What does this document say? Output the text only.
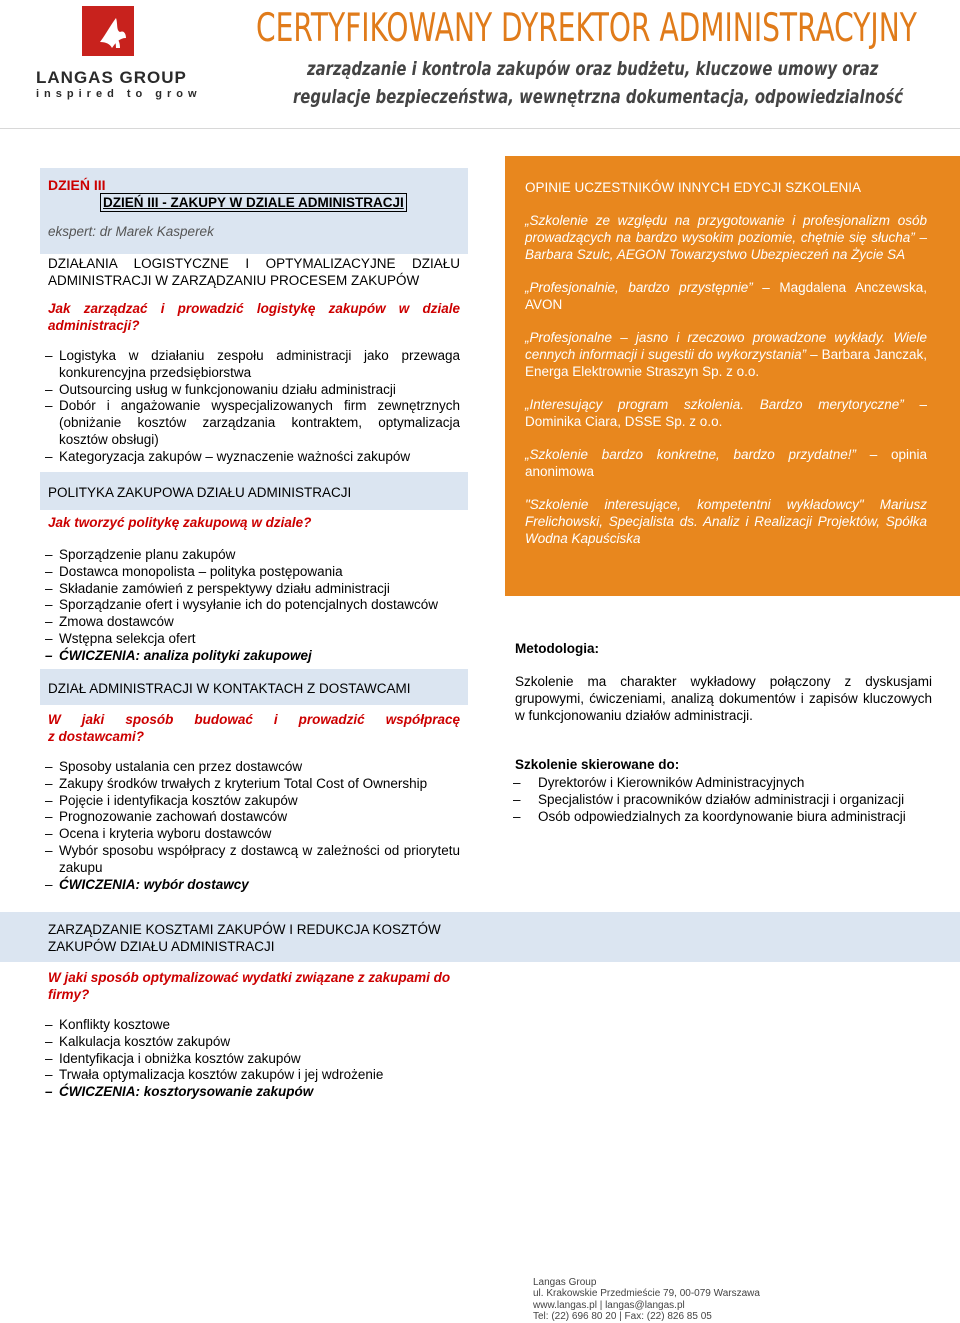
LANGAS GROUP
inspired to grow
CERTYFIKOWANY DYREKTOR ADMINISTRACYJNY
zarządzanie i kontrola zakupów oraz budżetu, kluczowe umowy oraz
regulacje bezpieczeństwa, wewnętrzna dokumentacja, odpowiedzialność
DZIEŃ III
DZIEŃ III - ZAKUPY W DZIALE ADMINISTRACJI
ekspert: dr Marek Kasperek
DZIAŁANIA LOGISTYCZNE I OPTYMALIZACYJNE DZIAŁU
ADMINISTRACJI W ZARZĄDZANIU PROCESEM ZAKUPÓW
Jak zarządzać i prowadzić logistykę zakupów w dziale
administracji?
– Logistyka w działaniu zespołu administracji jako przewaga konkurencyjna przedsiębiorstwa
– Outsourcing usług w funkcjonowaniu działu administracji
– Dobór i angażowanie wyspecjalizowanych firm zewnętrznych (obniżanie kosztów zarządzania kontraktem, optymalizacja kosztów obsługi)
– Kategoryzacja zakupów – wyznaczenie ważności zakupów
POLITYKA ZAKUPOWA DZIAŁU ADMINISTRACJI
Jak tworzyć politykę zakupową w dziale?
– Sporządzenie planu zakupów
– Dostawca monopolista – polityka postępowania
– Składanie zamówień z perspektywy działu administracji
– Sporządzanie ofert i wysyłanie ich do potencjalnych dostawców
– Zmowa dostawców
– Wstępna selekcja ofert
– ĆWICZENIA: analiza polityki zakupowej
DZIAŁ ADMINISTRACJI W KONTAKTACH Z DOSTAWCAMI
W jaki sposób budować i prowadzić współpracę
z dostawcami?
– Sposoby ustalania cen przez dostawców
– Zakupy środków trwałych z kryterium Total Cost of Ownership
– Pojęcie i identyfikacja kosztów zakupów
– Prognozowanie zachowań dostawców
– Ocena i kryteria wyboru dostawców
– Wybór sposobu współpracy z dostawcą w zależności od priorytetu zakupu
– ĆWICZENIA: wybór dostawcy
ZARZĄDZANIE KOSZTAMI ZAKUPÓW I REDUKCJA KOSZTÓW
ZAKUPÓW DZIAŁU ADMINISTRACJI
W jaki sposób optymalizować wydatki związane z zakupami do
firmy?
– Konflikty kosztowe
– Kalkulacja kosztów zakupów
– Identyfikacja i obniżka kosztów zakupów
– Trwała optymalizacja kosztów zakupów i jej wdrożenie
– ĆWICZENIA: kosztorysowanie zakupów
OPINIE UCZESTNIKÓW INNYCH EDYCJI SZKOLENIA
„Szkolenie ze względu na przygotowanie i profesjonalizm osób prowadzących na bardzo wysokim poziomie, chętnie się słucha” – Barbara Szulc, AEGON Towarzystwo Ubezpieczeń na Życie SA
„Profesjonalnie, bardzo przystępnie” – Magdalena Anczewska, AVON
„Profesjonalne – jasno i rzeczowo prowadzone wykłady. Wiele cennych informacji i sugestii do wykorzystania” – Barbara Janczak, Energa Elektrownie Straszyn Sp. z o.o.
„Interesujący program szkolenia. Bardzo merytoryczne” – Dominika Ciara, DSSE Sp. z o.o.
„Szkolenie bardzo konkretne, bardzo przydatne!” – opinia anonimowa
"Szkolenie interesujące, kompetentni wykładowcy" Mariusz Frelichowski, Specjalista ds. Analiz i Realizacji Projektów, Spółka Wodna Kapuściska
Metodologia:
Szkolenie ma charakter wykładowy połączony z dyskusjami grupowymi, ćwiczeniami, analizą dokumentów i zapisów kluczowych w funkcjonowaniu działów administracji.
Szkolenie skierowane do:
– Dyrektorów i Kierowników Administracyjnych
– Specjalistów i pracowników działów administracji i organizacji
– Osób odpowiedzialnych za koordynowanie biura administracji
Langas Group
ul. Krakowskie Przedmieście 79, 00-079 Warszawa
www.langas.pl | langas@langas.pl
Tel: (22) 696 80 20 | Fax: (22) 826 85 05
